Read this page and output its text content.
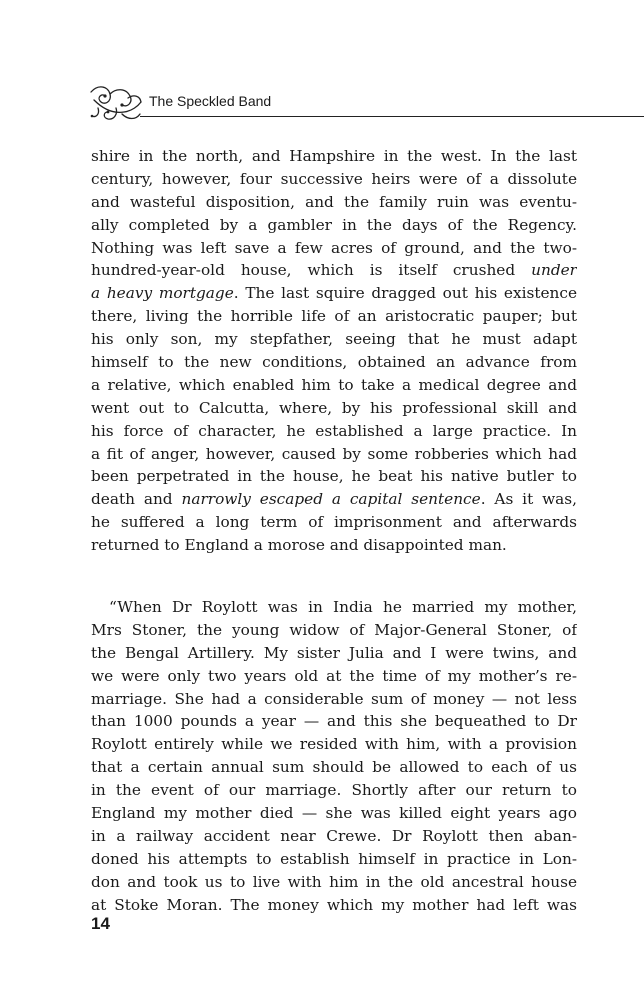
The Speckled Band
shire in the north, and Hampshire in the west. In the last
century, however, four successive heirs were of a dissolute
and wasteful disposition, and the family ruin was eventu-
ally completed by a gambler in the days of the Regency.
Nothing was left save a few acres of ground, and the two-
hundred-year-old house, which is itself crushed under
a heavy mortgage. The last squire dragged out his existence
there, living the horrible life of an aristocratic pauper; but
his only son, my stepfather, seeing that he must adapt
himself to the new conditions, obtained an advance from
a relative, which enabled him to take a medical degree and
went out to Calcutta, where, by his professional skill and
his force of character, he established a large practice. In
a fit of anger, however, caused by some robberies which had
been perpetrated in the house, he beat his native butler to
death and narrowly escaped a capital sentence. As it was,
he suffered a long term of imprisonment and afterwards
returned to England a morose and disappointed man.
“When Dr Roylott was in India he married my mother,
Mrs Stoner, the young widow of Major-General Stoner, of
the Bengal Artillery. My sister Julia and I were twins, and
we were only two years old at the time of my mother’s re-
marriage. She had a considerable sum of money — not less
than 1000 pounds a year — and this she bequeathed to Dr
Roylott entirely while we resided with him, with a provision
that a certain annual sum should be allowed to each of us
in the event of our marriage. Shortly after our return to
England my mother died — she was killed eight years ago
in a railway accident near Crewe. Dr Roylott then aban-
doned his attempts to establish himself in practice in Lon-
don and took us to live with him in the old ancestral house
at Stoke Moran. The money which my mother had left was
14
